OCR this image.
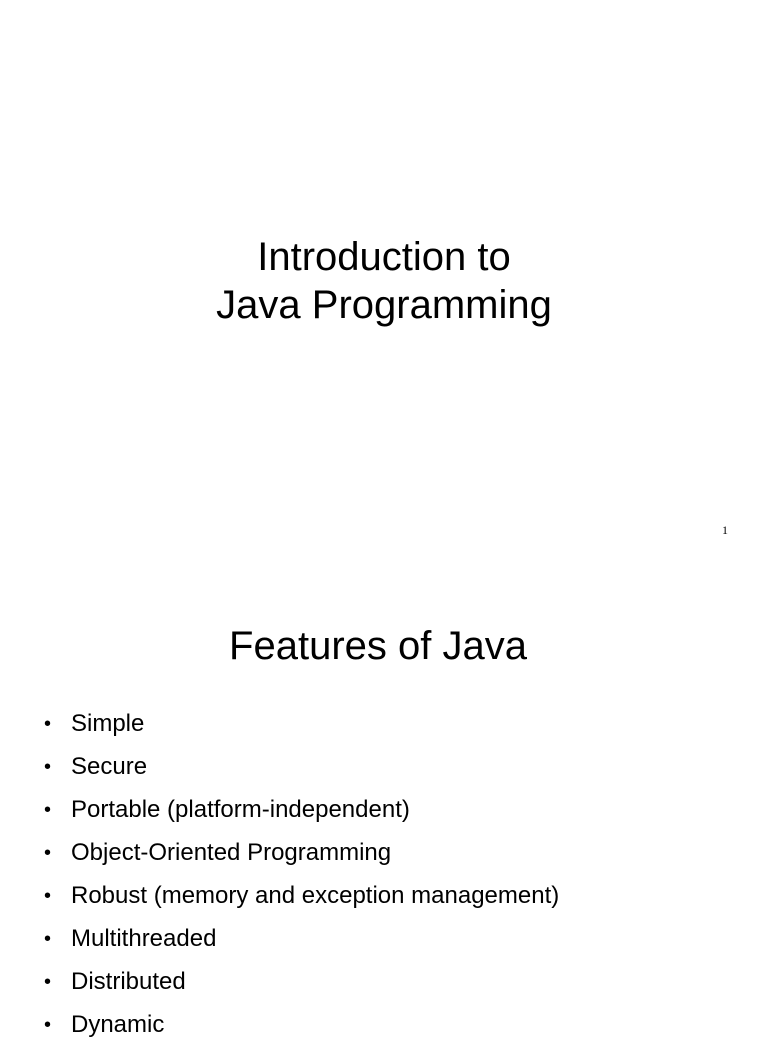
Introduction to
Java Programming
1
Features of Java
• Simple
• Secure
• Portable (platform-independent)
• Object-Oriented Programming
• Robust (memory and exception management)
• Multithreaded
• Distributed
• Dynamic
